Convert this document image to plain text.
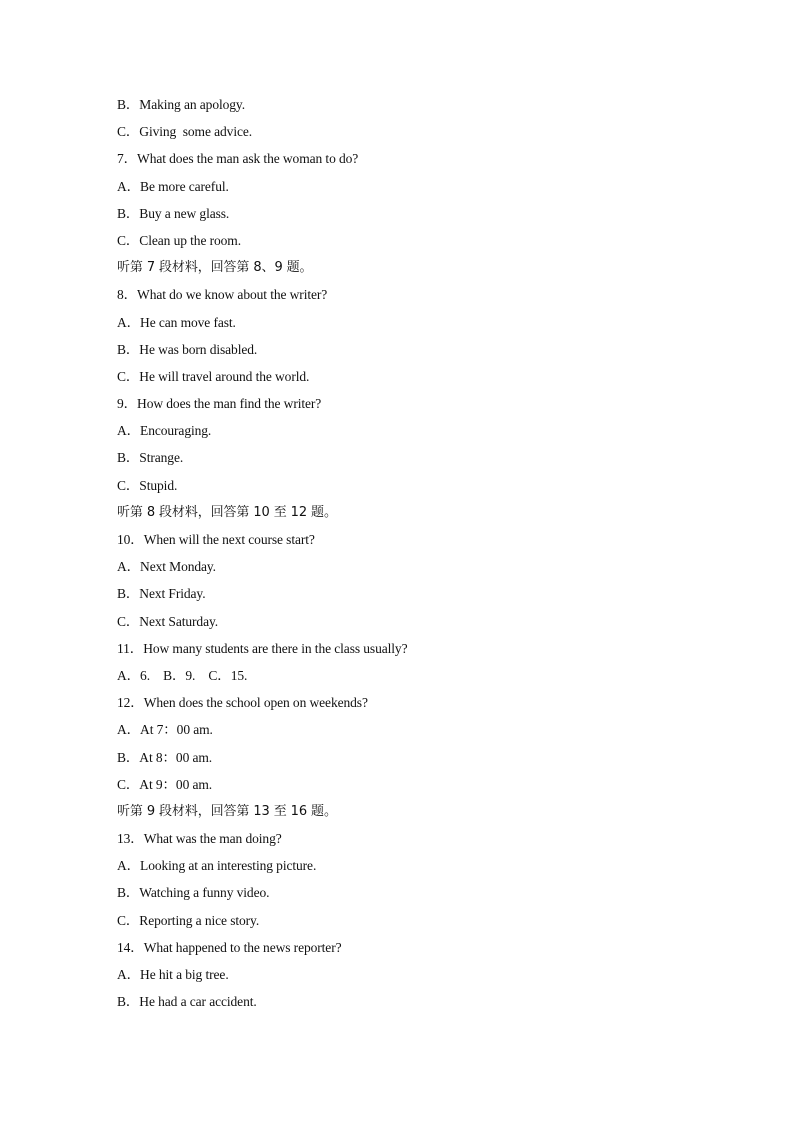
B．Making an apology.
C．Giving  some advice.
7．What does the man ask the woman to do?
A．Be more careful.
B．Buy a new glass.
C．Clean up the room.
听第 7 段材料，回答第 8、9 题。
8．What do we know about the writer?
A．He can move fast.
B．He was born disabled.
C．He will travel around the world.
9．How does the man find the writer?
A．Encouraging.
B．Strange.
C．Stupid.
听第 8 段材料，回答第 10 至 12 题。
10．When will the next course start?
A．Next Monday.
B．Next Friday.
C．Next Saturday.
11．How many students are there in the class usually?
A．6.    B．9.    C．15.
12．When does the school open on weekends?
A．At 7：00 am.
B．At 8：00 am.
C．At 9：00 am.
听第 9 段材料，回答第 13 至 16 题。
13．What was the man doing?
A．Looking at an interesting picture.
B．Watching a funny video.
C．Reporting a nice story.
14．What happened to the news reporter?
A．He hit a big tree.
B．He had a car accident.
